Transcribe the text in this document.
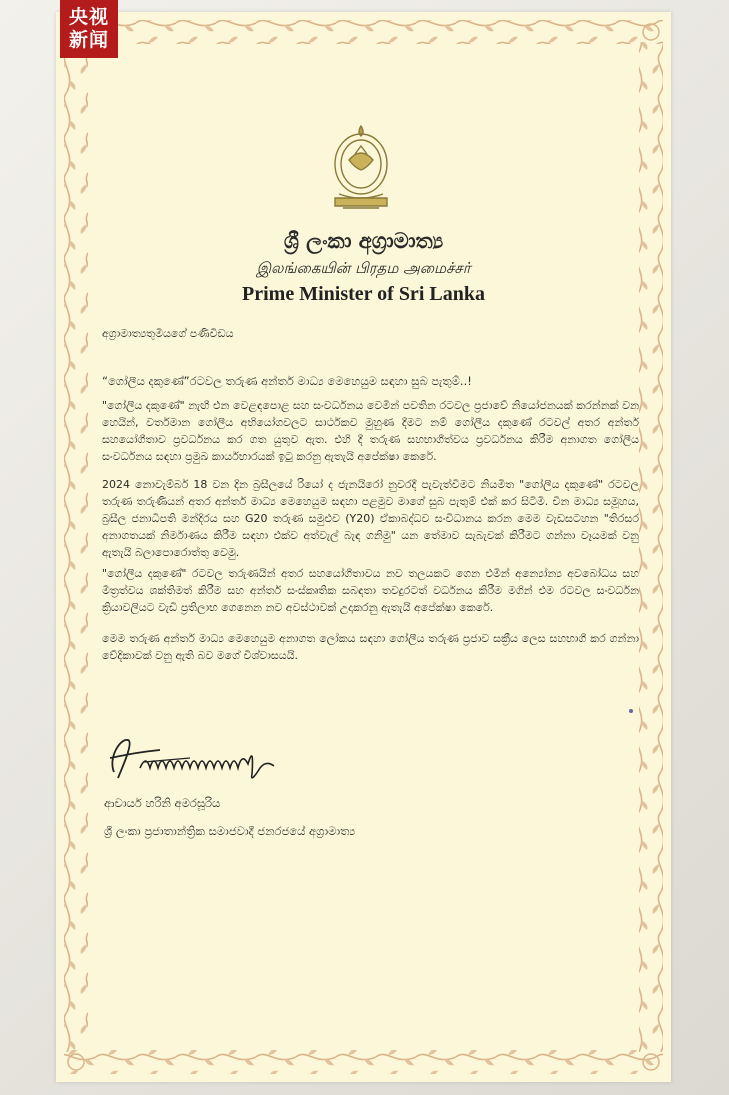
央视
新闻
ශ්‍රී ලංකා අග්‍රාමාත්‍ය
இலங்கையின் பிரதம அமைச்சர்
Prime Minister of Sri Lanka
අග්‍රාමාත්‍යතුමියගේ පණිවිඩය
“ගෝලීය දකුණේ”රටවල තරුණ අන්තර් මාධ්‍ය මෙහෙයුම සඳහා සුබ පැතුම්..!
"ගෝලීය දකුණේ" නැඟී එන වෙළඳපොළ සහ සංවර්ධනය වෙමින් පවතින රටවල ප්‍රජාවේ නියෝජනයක් කරන්නක් වන හෙයින්, වර්තමාන ගෝලීය අභියෝගවලට සාර්ථකව මුහුණ දීමට නම් ගෝලීය දකුණේ රටවල් අතර අන්තර් සහයෝගීතාව ප්‍රවර්ධනය කර ගත යුතුව ඇත. එහි දී තරුණ සහභාගීත්වය ප්‍රවර්ධනය කිරීම අනාගත ගෝලීය සංවර්ධනය සඳහා ප්‍රමුඛ කාර්යභාරයක් ඉටු කරනු ඇතැයි අපේක්ෂා කෙරේ.
2024 නොවැම්බර් 18 වන දින බ්‍රසීලයේ රියෝ ද ජැනයිරෝ නුවරදී පැවැත්වීමට නියමිත "ගෝලීය දකුණේ" රටවල තරුණ තරුණියන් අතර අන්තර් මාධ්‍ය මෙහෙයුම සඳහා පළමුව මාගේ සුබ පැතුම් එක් කර සිටිමි. චීන මාධ්‍ය සමූහය, බ්‍රසීල ජනාධිපති මන්දිරය සහ G20 තරුණ සමුළුව (Y20) ඒකාබද්ධව සංවිධානය කරන මෙම වැඩසටහන "තිරසර අනාගතයක් නිර්මාණය කිරීම සඳහා එක්ව අත්වැල් බැඳ ගනිමු" යන තේමාව සැබැවක් කිරීමට ගන්නා වෑයමක් වනු ඇතැයි බලාපොරොත්තු වෙමු.
"ගෝලීය දකුණේ" රටවල තරුණයින් අතර සහයෝගීතාවය නව තලයකට ගෙන එමින් අන්‍යෝන්‍ය අවබෝධය සහ මිත්‍රත්වය ශක්තිමත් කිරීම සහ අන්තර් සංස්කෘතික සබඳතා තවදුරටත් වර්ධනය කිරීම මගින් එම රටවල සංවර්ධන ක්‍රියාවලියට වැඩි ප්‍රතිලාභ ගෙනෙන නව අවස්ථාවක් උදාකරනු ඇතැයි අපේක්ෂා කෙරේ.
මෙම තරුණ අන්තර් මාධ්‍ය මෙහෙයුම අනාගත ලෝකය සඳහා ගෝලීය තරුණ ප්‍රජාව සක්‍රීය ලෙස සහභාගී කර ගන්නා වේදිකාවක් වනු ඇති බව මගේ විශ්වාසයයි.
ආචාර්ය හරිනි අමරසූරිය
ශ්‍රී ලංකා ප්‍රජාතාන්ත්‍රික සමාජවාදී ජනරජයේ අග්‍රාමාත්‍ය
